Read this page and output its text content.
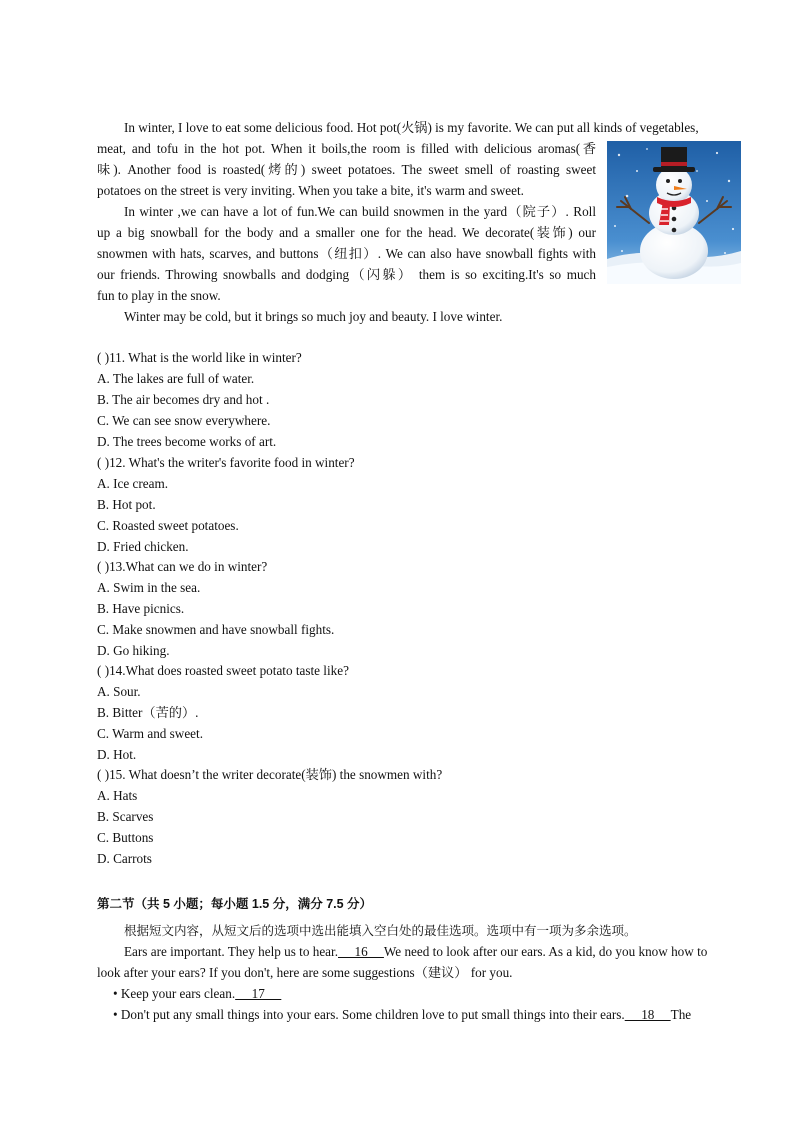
In winter, I love to eat some delicious food. Hot pot(火锅) is my favorite. We can put all kinds of vegetables,
meat, and tofu in the hot pot. When it boils,the room is filled with delicious aromas(香
味). Another food is roasted(烤的) sweet potatoes. The sweet smell of roasting sweet
potatoes on the street is very inviting. When you take a bite, it's warm and sweet.
In winter ,we can have a lot of fun.We can build snowmen in the yard（院子）. Roll
up a big snowball for the body and a smaller one for the head. We decorate(装饰) our
snowmen with hats, scarves, and buttons（纽扣）. We can also have snowball fights with
our friends. Throwing snowballs and dodging（闪躲） them is so exciting.It's so much
fun to play in the snow.
Winter may be cold, but it brings so much joy and beauty. I love winter.
( )11. What is the world like in winter?
A. The lakes are full of water.
B. The air becomes dry and hot .
C. We can see snow everywhere.
D. The trees become works of art.
( )12. What's the writer's favorite food in winter?
A. Ice cream.
B. Hot pot.
C. Roasted sweet potatoes.
D. Fried chicken.
( )13.What can we do in winter?
A. Swim in the sea.
B. Have picnics.
C. Make snowmen and have snowball fights.
D. Go hiking.
( )14.What does roasted sweet potato taste like?
A. Sour.
B. Bitter（苦的）.
C. Warm and sweet.
D. Hot.
( )15. What doesn’t the writer decorate(装饰) the snowmen with?
A. Hats
B. Scarves
C. Buttons
D. Carrots
第二节（共 5 小题；每小题 1.5 分，满分 7.5 分）
根据短文内容，从短文后的选项中选出能填入空白处的最佳选项。选项中有一项为多余选项。
Ears are important. They help us to hear.     16     We need to look after our ears. As a kid, do you know how to
look after your ears? If you don't, here are some suggestions（建议） for you.
• Keep your ears clean.     17
• Don't put any small things into your ears. Some children love to put small things into their ears.     18     The
